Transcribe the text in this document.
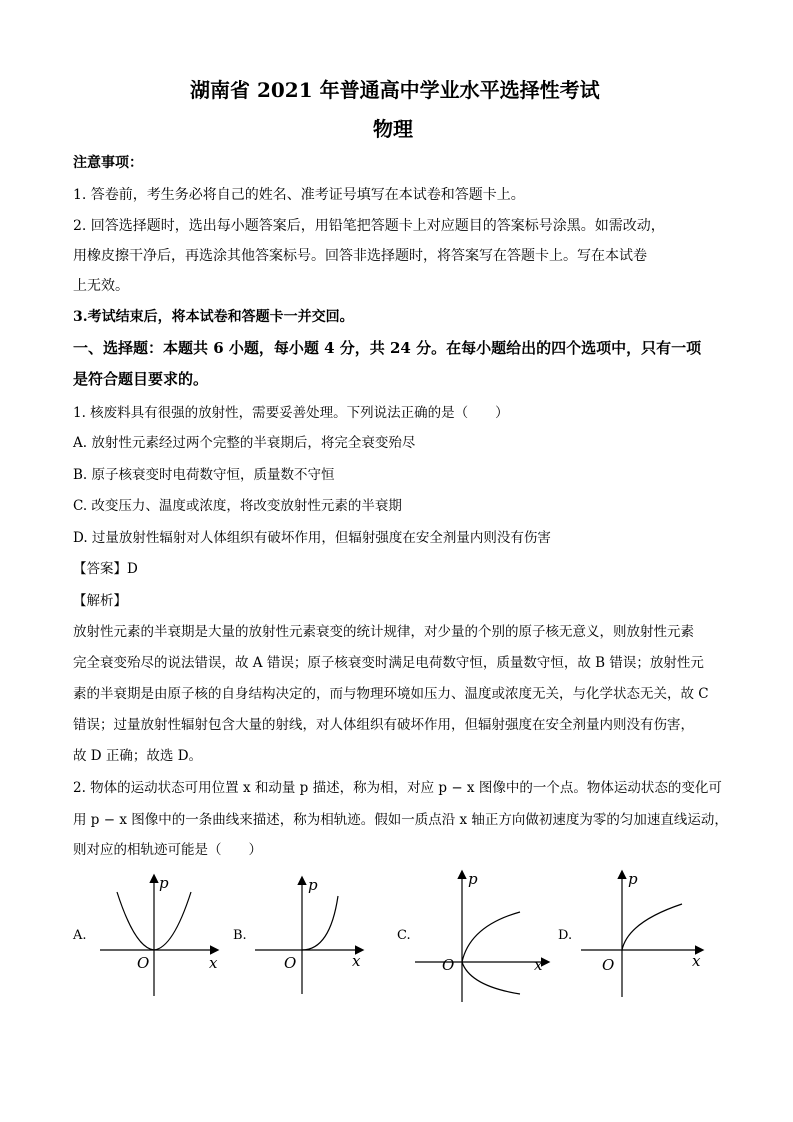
湖南省 2021 年普通高中学业水平选择性考试
物理
注意事项：
1. 答卷前，考生务必将自己的姓名、准考证号填写在本试卷和答题卡上。
2. 回答选择题时，选出每小题答案后，用铅笔把答题卡上对应题目的答案标号涂黑。如需改动，
用橡皮擦干净后，再选涂其他答案标号。回答非选择题时，将答案写在答题卡上。写在本试卷
上无效。
3.考试结束后，将本试卷和答题卡一并交回。
一、选择题：本题共 6 小题，每小题 4 分，共 24 分。在每小题给出的四个选项中，只有一项
是符合题目要求的。
1. 核废料具有很强的放射性，需要妥善处理。下列说法正确的是（　　）
A. 放射性元素经过两个完整的半衰期后，将完全衰变殆尽
B. 原子核衰变时电荷数守恒，质量数不守恒
C. 改变压力、温度或浓度，将改变放射性元素的半衰期
D. 过量放射性辐射对人体组织有破坏作用，但辐射强度在安全剂量内则没有伤害
【答案】D
【解析】
放射性元素的半衰期是大量的放射性元素衰变的统计规律，对少量的个别的原子核无意义，则放射性元素
完全衰变殆尽的说法错误，故 A 错误；原子核衰变时满足电荷数守恒，质量数守恒，故 B 错误；放射性元
素的半衰期是由原子核的自身结构决定的，而与物理环境如压力、温度或浓度无关，与化学状态无关，故 C
错误；过量放射性辐射包含大量的射线，对人体组织有破坏作用，但辐射强度在安全剂量内则没有伤害，
故 D 正确；故选 D。
2. 物体的运动状态可用位置 x 和动量 p 描述，称为相，对应 p − x 图像中的一个点。物体运动状态的变化可
用 p − x 图像中的一条曲线来描述，称为相轨迹。假如一质点沿 x 轴正方向做初速度为零的匀加速直线运动，
则对应的相轨迹可能是（　　）
A.
p
x
O
B.
p
x
O
C.
p
x
O
D.
p
x
O
